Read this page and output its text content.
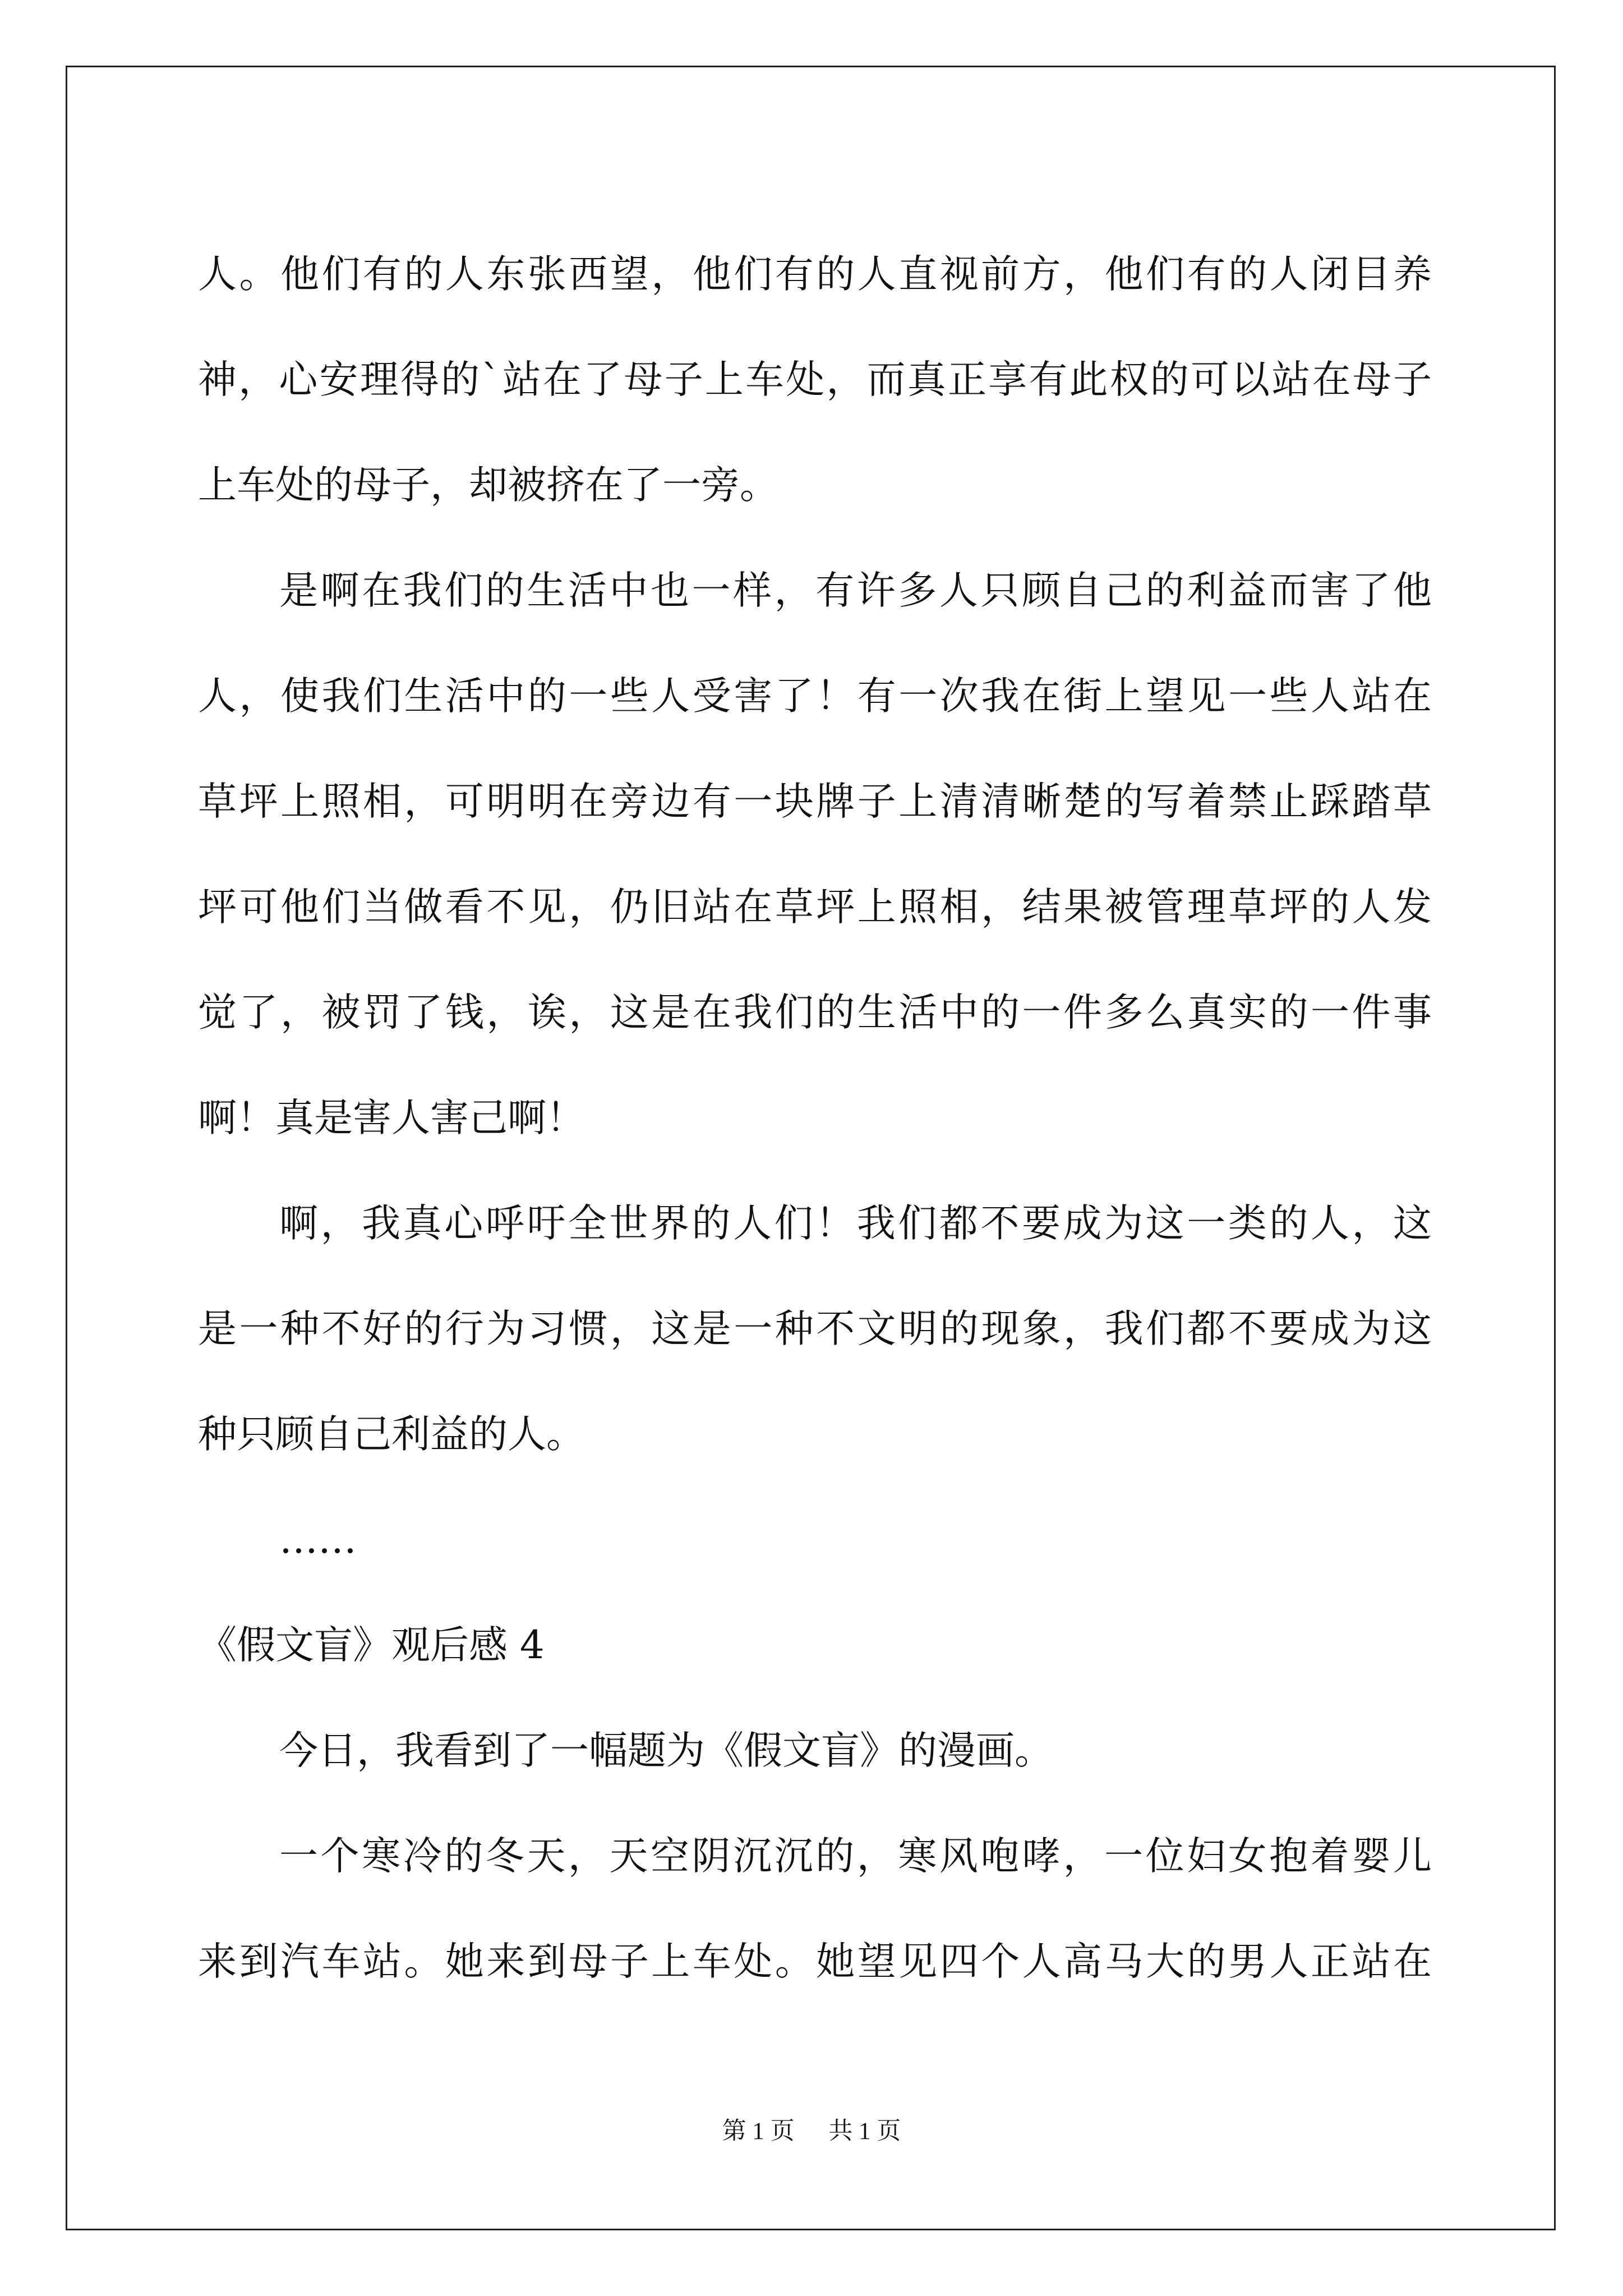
人。他们有的人东张西望，他们有的人直视前方，他们有的人闭目养
神，心安理得的`站在了母子上车处，而真正享有此权的可以站在母子
上车处的母子，却被挤在了一旁。
是啊在我们的生活中也一样，有许多人只顾自己的利益而害了他
人，使我们生活中的一些人受害了！有一次我在街上望见一些人站在
草坪上照相，可明明在旁边有一块牌子上清清晰楚的写着禁止踩踏草
坪可他们当做看不见，仍旧站在草坪上照相，结果被管理草坪的人发
觉了，被罚了钱，诶，这是在我们的生活中的一件多么真实的一件事
啊！真是害人害己啊！
啊，我真心呼吁全世界的人们！我们都不要成为这一类的人，这
是一种不好的行为习惯，这是一种不文明的现象，我们都不要成为这
种只顾自己利益的人。
……
《假文盲》观后感 4
今日，我看到了一幅题为《假文盲》的漫画。
一个寒冷的冬天，天空阴沉沉的，寒风咆哮，一位妇女抱着婴儿
来到汽车站。她来到母子上车处。她望见四个人高马大的男人正站在
第 1 页 共 1 页
